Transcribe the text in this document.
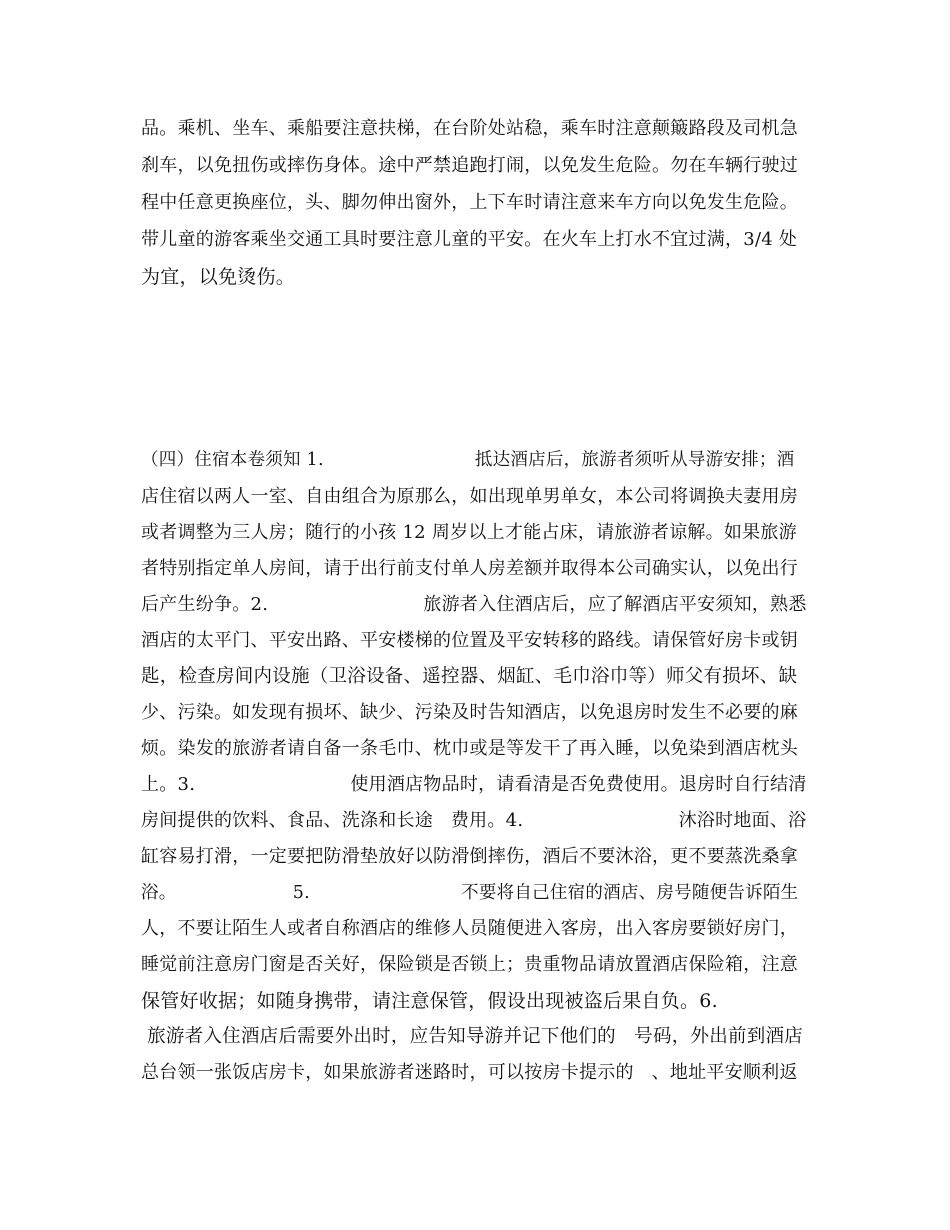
品。乘机、坐车、乘船要注意扶梯，在台阶处站稳，乘车时注意颠簸路段及司机急
刹车，以免扭伤或摔伤身体。途中严禁追跑打闹，以免发生危险。勿在车辆行驶过
程中任意更换座位，头、脚勿伸出窗外，上下车时请注意来车方向以免发生危险。
带儿童的游客乘坐交通工具时要注意儿童的平安。在火车上打水不宜过满，3/4 处
为宜，以免烫伤。
（四）住宿本卷须知 1.                          抵达酒店后，旅游者须听从导游安排；酒
店住宿以两人一室、自由组合为原那么，如出现单男单女，本公司将调换夫妻用房
或者调整为三人房；随行的小孩 12 周岁以上才能占床，请旅游者谅解。如果旅游
者特别指定单人房间，请于出行前支付单人房差额并取得本公司确实认，以免出行
后产生纷争。2.                          旅游者入住酒店后，应了解酒店平安须知，熟悉
酒店的太平门、平安出路、平安楼梯的位置及平安转移的路线。请保管好房卡或钥
匙，检查房间内设施（卫浴设备、遥控器、烟缸、毛巾浴巾等）师父有损坏、缺
少、污染。如发现有损坏、缺少、污染及时告知酒店，以免退房时发生不必要的麻
烦。染发的旅游者请自备一条毛巾、枕巾或是等发干了再入睡，以免染到酒店枕头
上。3.                          使用酒店物品时，请看清是否免费使用。退房时自行结清
房间提供的饮料、食品、洗涤和长途   费用。4.                          沐浴时地面、浴
缸容易打滑，一定要把防滑垫放好以防滑倒摔伤，酒后不要沐浴，更不要蒸洗桑拿
浴。                    5.                          不要将自己住宿的酒店、房号随便告诉陌生
人，不要让陌生人或者自称酒店的维修人员随便进入客房，出入客房要锁好房门，
睡觉前注意房门窗是否关好，保险锁是否锁上；贵重物品请放置酒店保险箱，注意
保管好收据；如随身携带，请注意保管，假设出现被盗后果自负。6.
旅游者入住酒店后需要外出时，应告知导游并记下他们的   号码，外出前到酒店
总台领一张饭店房卡，如果旅游者迷路时，可以按房卡提示的   、地址平安顺利返
